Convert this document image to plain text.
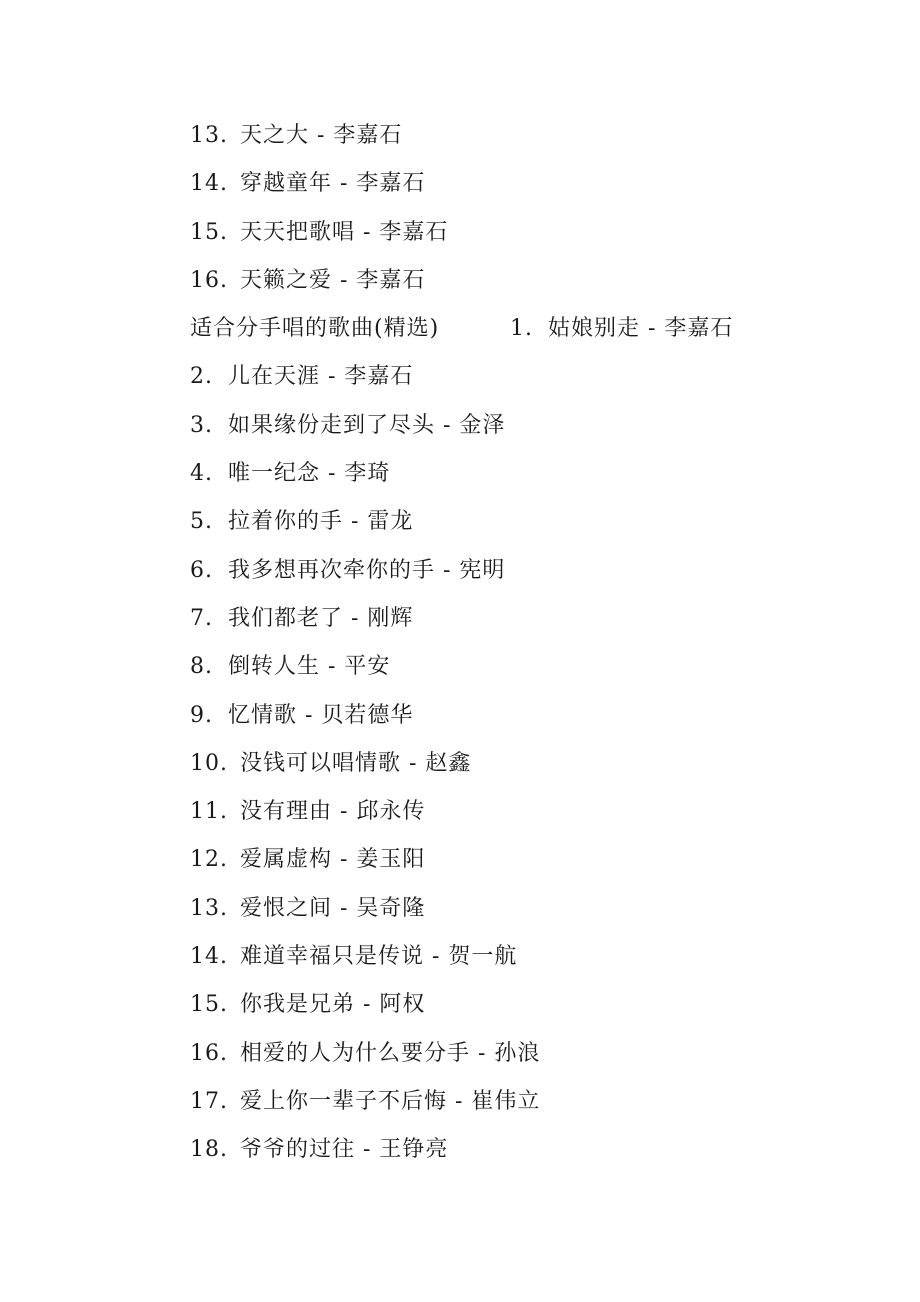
13. 天之大 - 李嘉石
14. 穿越童年 - 李嘉石
15. 天天把歌唱 - 李嘉石
16. 天籁之爱 - 李嘉石
适合分手唱的歌曲(精选)	1. 姑娘别走 - 李嘉石
2. 儿在天涯 - 李嘉石
3. 如果缘份走到了尽头 - 金泽
4. 唯一纪念 - 李琦
5. 拉着你的手 - 雷龙
6. 我多想再次牵你的手 - 宪明
7. 我们都老了 - 刚辉
8. 倒转人生 - 平安
9. 忆情歌 - 贝若德华
10. 没钱可以唱情歌 - 赵鑫
11. 没有理由 - 邱永传
12. 爱属虚构 - 姜玉阳
13. 爱恨之间 - 吴奇隆
14. 难道幸福只是传说 - 贺一航
15. 你我是兄弟 - 阿权
16. 相爱的人为什么要分手 - 孙浪
17. 爱上你一辈子不后悔 - 崔伟立
18. 爷爷的过往 - 王铮亮
